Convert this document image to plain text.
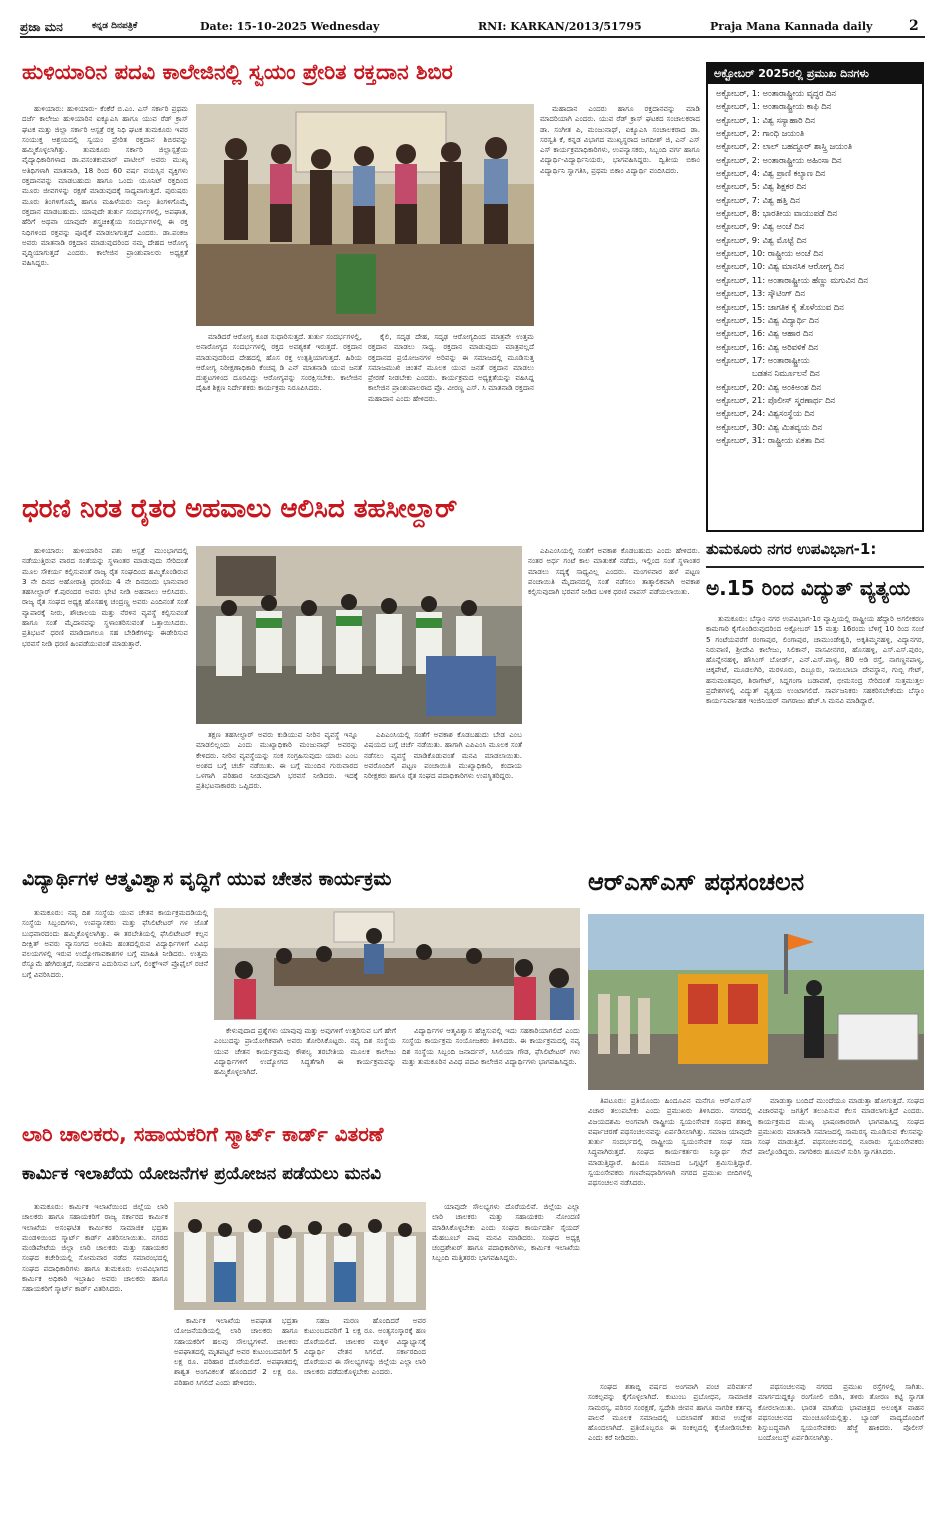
ಪ್ರಜಾ ಮನ	ಕನ್ನಡ ದಿನಪತ್ರಿಕೆ	Date: 15-10-2025 Wednesday	RNI: KARKAN/2013/51795	Praja Mana Kannada daily	2
ಹುಳಿಯಾರಿನ ಪದವಿ ಕಾಲೇಜಿನಲ್ಲಿ ಸ್ವಯಂ ಪ್ರೇರಿತ ರಕ್ತದಾನ ಶಿಬಿರ

ಹುಳಿಯಾರು: ಹುಳಿಯಾರು- ಕೆಂಕೆರೆ ಬಿ.ಎಂ. ಎಸ್ ಸರ್ಕಾರಿ ಪ್ರಥಮ ದರ್ಜೆ ಕಾಲೇಜು ಹುಳಿಯಾರಿನ ಐಕ್ಯೂಎಸಿ ಹಾಗೂ ಯುವ ರೆಡ್ ಕ್ರಾಸ್ ಘಟಕ ಮತ್ತು ಜಿಲ್ಲಾ ಸರ್ಕಾರಿ ಆಸ್ಪತ್ರೆ ರಕ್ತ ನಿಧಿ ಘಟಕ ತುಮಕೂರು ಇವರ ಸಂಯುಕ್ತ ಆಶ್ರಯದಲ್ಲಿ ಸ್ವಯಂ ಪ್ರೇರಿತ ರಕ್ತದಾನ ಶಿಬಿರವನ್ನು ಹಮ್ಮಿಕೊಳ್ಳಲಾಗಿತ್ತು. ತುಮಕೂರು ಸರ್ಕಾರಿ ಜಿಲ್ಲಾಸ್ಪತ್ರೆಯ ವೈದ್ಯಾಧಿಕಾರಿಗಳಾದ ಡಾ.ವಸಂತಕುಮಾರ್ ಪಾಟೀಲ್ ಅವರು ಮುಖ್ಯ ಅತಿಥಿಗಳಾಗಿ ಮಾತನಾಡಿ, 18 ರಿಂದ 60 ವರ್ಷ ವಯಸ್ಸಿನ ವ್ಯಕ್ತಿಗಳು ರಕ್ತದಾನವನ್ನು ಮಾಡಬಹುದು ಹಾಗೂ ಒಂದು ಯೂನಿಟ್ ರಕ್ತದಿಂದ ಮೂರು ಜೀವಗಳನ್ನು ರಕ್ಷಣೆ ಮಾಡುವುದಕ್ಕೆ ಸಾಧ್ಯವಾಗುತ್ತದೆ. ಪುರುಷರು ಮೂರು ತಿಂಗಳಿಗೊಮ್ಮೆ ಹಾಗೂ ಮಹಿಳೆಯರು ನಾಲ್ಕು ತಿಂಗಳಿಗೊಮ್ಮೆ ರಕ್ತದಾನ ಮಾಡಬಹುದು. ಯಾವುದೇ ತುರ್ತು ಸಂದರ್ಭಗಳಲ್ಲಿ, ಅಪಘಾತ, ಹೆರಿಗೆ ಅಥವಾ ಯಾವುದೇ ಶಸ್ತ್ರಚಿಕಿತ್ಸೆಯ ಸಂದರ್ಭಗಳಲ್ಲಿ ಈ ರಕ್ತ ನಿಧಿಗಳಿಂದ ರಕ್ತವನ್ನು ಪೂರೈಕೆ ಮಾಡಲಾಗುತ್ತದೆ ಎಂದರು. ಡಾ.ಪಂಕಜ ಅವರು ಮಾತನಾಡಿ ರಕ್ತದಾನ ಮಾಡುವುದರಿಂದ ನಮ್ಮ ದೇಹದ ಆರೋಗ್ಯ ವೃದ್ಧಿಯಾಗುತ್ತದೆ ಎಂದರು. ಕಾಲೇಜಿನ ಪ್ರಾಂಶುಪಾಲರು ಅಧ್ಯಕ್ಷತೆ ವಹಿಸಿದ್ದರು.

ಮಾಡಿದರೆ ಆರೋಗ್ಯ ಕೂಡ ಸುಧಾರಿಸುತ್ತದೆ. ತುರ್ತು ಸಂದರ್ಭಗಳಲ್ಲಿ, ಅನಾರೋಗ್ಯದ ಸಂದರ್ಭಗಳಲ್ಲಿ ರಕ್ತದ ಅವಶ್ಯಕತೆ ಇರುತ್ತದೆ. ರಕ್ತದಾನ ಮಾಡುವುದರಿಂದ ದೇಹದಲ್ಲಿ ಹೊಸ ರಕ್ತ ಉತ್ಪತ್ತಿಯಾಗುತ್ತದೆ. ಹಿರಿಯ ಆರೋಗ್ಯ ನಿರೀಕ್ಷಣಾಧಿಕಾರಿ ಕೆಂಚಪ್ಪ ಡಿ ಎನ್ ಮಾತನಾಡಿ ಯುವ ಜನತೆ ದುಶ್ಚಟಗಳಿಂದ ದೂರವಿದ್ದು ಆರೋಗ್ಯವನ್ನು ಸಂರಕ್ಷಿಸಬೇಕು. ಕಾಲೇಜಿನ ದೈಹಿಕ ಶಿಕ್ಷಣ ನಿರ್ದೇಶಕರು ಕಾರ್ಯಕ್ರಮ ನಿರೂಪಿಸಿದರು.

ಕೈಲಿ, ಸದೃಢ ದೇಹ, ಸದೃಢ ಆರೋಗ್ಯದಿಂದ ಮಾತ್ರವೇ ಉತ್ತಮ ರಕ್ತದಾನ ಮಾಡಲು ಸಾಧ್ಯ. ರಕ್ತದಾನ ಮಾಡುವುದು ಮಾತ್ರವಲ್ಲದೆ ರಕ್ತದಾನದ ಪ್ರಯೋಜನಗಳ ಅರಿವನ್ನು ಈ ಸಮಾಜದಲ್ಲಿ ಮೂಡಿಸುತ್ತ ಸಮಾಜಮುಖಿ ಚಿಂತನೆ ಮೂಲಕ ಯುವ ಜನತೆ ರಕ್ತದಾನ ಮಾಡಲು ಪ್ರೇರಣೆ ನೀಡಬೇಕು ಎಂದರು. ಕಾರ್ಯಕ್ರಮದ ಅಧ್ಯಕ್ಷತೆಯನ್ನು ವಹಿಸಿದ್ದ ಕಾಲೇಜಿನ ಪ್ರಾಂಶುಪಾಲರಾದ ಪ್ರೊ. ವೀರಣ್ಣ ಎಸ್. ಸಿ ಮಾತನಾಡಿ ರಕ್ತದಾನ ಮಹಾದಾನ ಎಂದು ಹೇಳಿದರು.

ಮಹಾದಾನ ಎಂದರು ಹಾಗೂ ರಕ್ತದಾನವನ್ನು ಮಾಡಿ ಮಾದರಿಯಾಗಿ ಎಂದರು. ಯುವ ರೆಡ್ ಕ್ರಾಸ್ ಘಟಕದ ಸಂಚಾಲಕರಾದ ಡಾ. ಸಂಗೀತ ಪಿ, ಮಂಜುನಾಥ್, ಐಕ್ಯೂಎಸಿ ಸಂಚಾಲಕರಾದ ಡಾ. ಸರಸ್ವತಿ ಕೆ, ಕನ್ನಡ ವಿಭಾಗದ ಮುಖ್ಯಸ್ಥರಾದ ಜಗದೀಶ್ ಜಿ, ಎನ್ ಎಸ್ ಎಸ್ ಕಾರ್ಯಕ್ರಮಾಧಿಕಾರಿಗಳು, ಉಪನ್ಯಾಸಕರು, ಸಿಬ್ಬಂದಿ ವರ್ಗ ಹಾಗೂ ವಿದ್ಯಾರ್ಥಿ-ವಿದ್ಯಾರ್ಥಿನಿಯರು, ಭಾಗವಹಿಸಿದ್ದರು. ದ್ವಿತೀಯ ಬಿಕಾಂ ವಿದ್ಯಾರ್ಥಿನಿ ಸ್ವಾಗತಿಸಿ, ಪ್ರಥಮ ಬಿಕಾಂ ವಿದ್ಯಾರ್ಥಿ ವಂದಿಸಿದರು.

ಅಕ್ಟೋಬರ್ 2025ರಲ್ಲಿ ಪ್ರಮುಖ ದಿನಗಳು
ಅಕ್ಟೋಬರ್, 1: ಅಂತಾರಾಷ್ಟ್ರೀಯ ವೃದ್ಧರ ದಿನ
ಅಕ್ಟೋಬರ್, 1: ಅಂತಾರಾಷ್ಟ್ರೀಯ ಕಾಫಿ ದಿನ
ಅಕ್ಟೋಬರ್, 1: ವಿಶ್ವ ಸಸ್ಯಾಹಾರಿ ದಿನ
ಅಕ್ಟೋಬರ್, 2: ಗಾಂಧಿ ಜಯಂತಿ
ಅಕ್ಟೋಬರ್, 2: ಲಾಲ್ ಬಹದ್ದೂರ್ ಶಾಸ್ತ್ರಿ ಜಯಂತಿ
ಅಕ್ಟೋಬರ್, 2: ಅಂತಾರಾಷ್ಟ್ರೀಯ ಅಹಿಂಸಾ ದಿನ
ಅಕ್ಟೋಬರ್, 4: ವಿಶ್ವ ಪ್ರಾಣಿ ಕಲ್ಯಾಣ ದಿನ
ಅಕ್ಟೋಬರ್, 5: ವಿಶ್ವ ಶಿಕ್ಷಕರ ದಿನ
ಅಕ್ಟೋಬರ್, 7: ವಿಶ್ವ ಹತ್ತಿ ದಿನ
ಅಕ್ಟೋಬರ್, 8: ಭಾರತೀಯ ವಾಯುಪಡೆ ದಿನ
ಅಕ್ಟೋಬರ್, 9: ವಿಶ್ವ ಅಂಚೆ ದಿನ
ಅಕ್ಟೋಬರ್, 9: ವಿಶ್ವ ಮೊಟ್ಟೆ ದಿನ
ಅಕ್ಟೋಬರ್, 10: ರಾಷ್ಟ್ರೀಯ ಅಂಚೆ ದಿನ
ಅಕ್ಟೋಬರ್, 10: ವಿಶ್ವ ಮಾನಸಿಕ ಆರೋಗ್ಯ ದಿನ
ಅಕ್ಟೋಬರ್, 11: ಅಂತಾರಾಷ್ಟ್ರೀಯ ಹೆಣ್ಣು ಮಗುವಿನ ದಿನ
ಅಕ್ಟೋಬರ್, 13: ಸ್ಕೌಟಿಂಗ್ ದಿನ
ಅಕ್ಟೋಬರ್, 15: ಜಾಗತಿಕ ಕೈ ತೊಳೆಯುವ ದಿನ
ಅಕ್ಟೋಬರ್, 15: ವಿಶ್ವ ವಿದ್ಯಾರ್ಥಿ ದಿನ
ಅಕ್ಟೋಬರ್, 16: ವಿಶ್ವ ಆಹಾರ ದಿನ
ಅಕ್ಟೋಬರ್, 16: ವಿಶ್ವ ಅರಿವಳಿಕೆ ದಿನ
ಅಕ್ಟೋಬರ್, 17: ಅಂತಾರಾಷ್ಟ್ರೀಯ
ಬಡತನ ನಿರ್ಮೂಲನೆ ದಿನ
ಅಕ್ಟೋಬರ್, 20: ವಿಶ್ವ ಅಂಕಿಅಂಶ ದಿನ
ಅಕ್ಟೋಬರ್, 21: ಪೊಲೀಸ್ ಸ್ಮರಣಾರ್ಥ ದಿನ
ಅಕ್ಟೋಬರ್, 24: ವಿಶ್ವಸಂಸ್ಥೆಯ ದಿನ
ಅಕ್ಟೋಬರ್, 30: ವಿಶ್ವ ಮಿತವ್ಯಯ ದಿನ
ಅಕ್ಟೋಬರ್, 31: ರಾಷ್ಟ್ರೀಯ ಏಕತಾ ದಿನ
ಧರಣಿ ನಿರತ ರೈತರ ಅಹವಾಲು ಆಲಿಸಿದ ತಹಸೀಲ್ದಾರ್

ಹುಳಿಯಾರು: ಹುಳಿಯಾರಿನ ಪಶು ಆಸ್ಪತ್ರೆ ಮುಂಭಾಗದಲ್ಲಿ ನಡೆಯುತ್ತಿರುವ ವಾರದ ಸಂತೆಯನ್ನು ಸ್ಥಳಾಂತರ ಮಾಡುವುದು ಸೇರಿದಂತೆ ಮೂಲ ಸೌಕರ್ಯ ಕಲ್ಪಿಸುವಂತೆ ರಾಜ್ಯ ರೈತ ಸಂಘದಿಂದ ಹಮ್ಮಿಕೊಂಡಿರುವ 3 ನೇ ದಿನದ ಅಹೋರಾತ್ರಿ ಧರಣಿಯ 4 ನೇ ದಿನದಂದು ಭಾನುವಾರ ತಹಸೀಲ್ದಾರ್ ಕೆ.ಪುರಂದರ ಅವರು ಭೇಟಿ ನೀಡಿ ಅಹವಾಲು ಆಲಿಸಿದರು. ರಾಜ್ಯ ರೈತ ಸಂಘದ ಅಧ್ಯಕ್ಷ ಹೊಸಹಳ್ಳಿ ಚಂದ್ರಣ್ಣ ಅವರು ಎಂದಿನಂತೆ ಸಂತೆ ವ್ಯಾಪಾರಕ್ಕೆ ನೀರು, ಶೌಚಾಲಯ ಮತ್ತು ನೆರಳಿನ ವ್ಯವಸ್ಥೆ ಕಲ್ಪಿಸುವಂತೆ ಹಾಗೂ ಸಂತೆ ಮೈದಾನವನ್ನು ಸ್ಥಳಾಂತರಿಸುವಂತೆ ಒತ್ತಾಯಿಸಿದರು. ಪ್ರತಿಭಟನೆ ಧರಣಿ ಮಾಡಿದಾಗಲೂ ಸಹ ಬೇಡಿಕೆಗಳನ್ನು ಈಡೇರಿಸುವ ಭರವಸೆ ನೀಡಿ ಧರಣಿ ಹಿಂಪಡೆಯುವಂತೆ ಮಾಡುತ್ತಾರೆ.

ತಕ್ಷಣ ತಹಸೀಲ್ದಾರ್ ಅವರು ಕುಡಿಯುವ ನೀರಿನ ವ್ಯವಸ್ಥೆ ಇನ್ನೂ ಮಾಡಲಿಲ್ಲಂದು ಎಂದು ಮುಖ್ಯಾಧಿಕಾರಿ ಮಂಜುನಾಥ್ ಅವರನ್ನು ಕೇಳಿದರು. ನೀರಿನ ವ್ಯವಸ್ಥೆಯನ್ನು ಸಂಕ ಸಂಗ್ರಹಿಸುವುದು ಯಾರು ಎಂಬ ಅಂಶದ ಬಗ್ಗೆ ಚರ್ಚೆ ನಡೆಯಿತು. ಈ ಬಗ್ಗೆ ಮುಂದಿನ ಗುರುವಾರದ ಒಳಗಾಗಿ ಪರಿಹಾರ ನೀಡುವುದಾಗಿ ಭರವಸೆ ನೀಡಿದರು. ಇದಕ್ಕೆ ಪ್ರತಿಭಟನಾಕಾರರು ಒಪ್ಪಿದರು.

ಎಪಿಎಂಸಿಯಲ್ಲಿ ಸಂತೆಗೆ ಅವಕಾಶ ಕೊಡಬಹುದು ಬೇಡ ಎಂಬ ವಿಷಯದ ಬಗ್ಗೆ ಚರ್ಚೆ ನಡೆಯಿತು. ಹಾಗಾಗಿ ಎಪಿಎಂಸಿ ಮೂಲಕ ಸಂತೆ ನಡೆಸಲು ವ್ಯವಸ್ಥೆ ಮಾಡಿಕೊಡುವಂತೆ ಮನವಿ ಮಾಡಲಾಯಿತು. ಅವರೊಂದಿಗೆ ಪಟ್ಟಣ ಪಂಚಾಯಿತಿ ಮುಖ್ಯಾಧಿಕಾರಿ, ಕಂದಾಯ ನಿರೀಕ್ಷಕರು ಹಾಗೂ ರೈತ ಸಂಘದ ಪದಾಧಿಕಾರಿಗಳು ಉಪಸ್ಥಿತರಿದ್ದರು.

ಎಪಿಎಂಸಿಯಲ್ಲಿ ಸಂತೆಗೆ ಅವಕಾಶ ಕೊಡಬಹುದು ಎಂದು ಹೇಳಿದರು. ನಂತರ ಅರ್ಧ ಗಂಟೆ ಕಾಲ ಮಾತುಕತೆ ನಡೆದು, ಇಲ್ಲಿಂದ ಸಂತೆ ಸ್ಥಳಾಂತರ ಮಾಡಲು ಸದ್ಯಕ್ಕೆ ಸಾಧ್ಯವಿಲ್ಲ ಎಂದರು. ಮಂಗಳವಾರ ಹಳೆ ಪಟ್ಟಣ ಪಂಚಾಯಿತಿ ಮೈದಾನದಲ್ಲಿ ಸಂತೆ ನಡೆಸಲು ತಾತ್ಕಾಲಿಕವಾಗಿ ಅವಕಾಶ ಕಲ್ಪಿಸುವುದಾಗಿ ಭರವಸೆ ನೀಡಿದ ಬಳಿಕ ಧರಣಿ ವಾಪಸ್ ಪಡೆಯಲಾಯಿತು.

ತುಮಕೂರು ನಗರ ಉಪವಿಭಾಗ-1:
ಅ.15 ರಿಂದ ವಿದ್ಯುತ್ ವ್ಯತ್ಯಯ

ತುಮಕೂರು: ಬೆಸ್ಕಾಂ ನಗರ ಉಪವಿಭಾಗ-1ರ ವ್ಯಾಪ್ತಿಯಲ್ಲಿ ರಾಷ್ಟ್ರೀಯ ಹೆದ್ದಾರಿ ಅಗಲೀಕರಣ ಕಾಮಗಾರಿ ಕೈಗೊಂಡಿರುವುದರಿಂದ ಅಕ್ಟೋಬರ್ 15 ಮತ್ತು 16ರಂದು ಬೆಳಿಗ್ಗೆ 10 ರಿಂದ ಸಂಜೆ 5 ಗಂಟೆಯವರೆಗೆ ರಂಗಾಪುರ, ಲಿಂಗಾಪುರ, ಚಾಮುಂಡೇಶ್ವರಿ, ಅಕ್ಕತಿಮ್ಮನಹಳ್ಳಿ, ವಿದ್ಯಾನಗರ, ನಿರುವಾಣಿ, ಶ್ರೀದೇವಿ ಕಾಲೇಜು, ಸಿಲಿಕಾನ್, ವಾಸವೀನಗರ, ಹೊಸಹಳ್ಳಿ, ಎಸ್.ಎಸ್.ಪುರಂ, ಹೊನ್ನೇನಹಳ್ಳಿ, ಹೌಸಿಂಗ್ ಬೋರ್ಡ್, ಎನ್.ಎಸ್.ಪಾಳ್ಯ, 80 ಅಡಿ ರಸ್ತೆ, ನಾಗಣ್ಣನಪಾಳ್ಯ, ಚಿಕ್ಕಪೇಟೆ, ಮೂಡಲಗಿರಿ, ಮರಳೂರು, ದಿಬ್ಬೂರು, ಸಾಯಿಬಾಬಾ ದೇವಸ್ಥಾನ, ಗುಬ್ಬಿ ಗೇಟ್, ಹನುಮಂತಪುರ, ಶಿರಾಗೇಟ್, ಸಿದ್ದಗಂಗಾ ಬಡಾವಣೆ, ಭೀಮಸಂದ್ರ ಸೇರಿದಂತೆ ಸುತ್ತಮುತ್ತಲ ಪ್ರದೇಶಗಳಲ್ಲಿ ವಿದ್ಯುತ್ ವ್ಯತ್ಯಯ ಉಂಟಾಗಲಿದೆ. ಸಾರ್ವಜನಿಕರು ಸಹಕರಿಸಬೇಕೆಂದು ಬೆಸ್ಕಾಂ ಕಾರ್ಯನಿರ್ವಾಹಕ ಇಂಜಿನಿಯರ್ ನಾಗರಾಜು ಹೆಚ್.ಸಿ ಮನವಿ ಮಾಡಿದ್ದಾರೆ.

ವಿದ್ಯಾರ್ಥಿಗಳ ಆತ್ಮವಿಶ್ವಾಸ ವೃದ್ಧಿಗೆ ಯುವ ಚೇತನ ಕಾರ್ಯಕ್ರಮ

ತುಮಕೂರು: ನವ್ಯ ದಿಶ ಸಂಸ್ಥೆಯ ಯುವ ಚೇತನ ಕಾರ್ಯಕ್ರಮದಡಿಯಲ್ಲಿ ಸಂಸ್ಥೆಯ ಸಿಬ್ಬಂದಿಗಳು, ಉಪನ್ಯಾಸಕರು ಮತ್ತು ಫೆಸಿಲಿಟೇಟರ್ ಗಳ ಜೊತೆ ಬುಧವಾರದಂದು ಹಮ್ಮಿಕೊಳ್ಳಲಾಗಿತ್ತು. ಈ ತರಬೇತಿಯಲ್ಲಿ ಫೆಸಿಲಿಟೇಟರ್ ಕಲ್ಪನ ದೀಕ್ಷಿತ್ ಅವರು ವ್ಯಾಸಂಗದ ಅಂತಿಮ ಹಂತದಲ್ಲಿರುವ ವಿದ್ಯಾರ್ಥಿಗಳಿಗೆ ವಿವಿಧ ವಲಯಗಳಲ್ಲಿ ಇರುವ ಉದ್ಯೋಗಾವಕಾಶಗಳ ಬಗ್ಗೆ ಮಾಹಿತಿ ನೀಡಿದರು. ಉತ್ತಮ ರೆಸ್ಯೂಮೆ ಹೇಗಿರುತ್ತದೆ, ಸಂದರ್ಶನ ಎದುರಿಸುವ ಬಗೆ, ಲಿಂಕ್ಡ್ಇನ್ ಪ್ರೊಫೈಲ್ ರಚನೆ ಬಗ್ಗೆ ವಿವರಿಸಿದರು.

ಕೇಳುವುದಾದ ಪ್ರಶ್ನೆಗಳು ಯಾವುವು ಮತ್ತು ಅವುಗಳಿಗೆ ಉತ್ತರಿಸುವ ಬಗೆ ಹೇಗೆ ಎಂಬುದನ್ನು ಪ್ರಾಯೋಗಿಕವಾಗಿ ಅವರು ತೋರಿಸಿಕೊಟ್ಟರು. ನವ್ಯ ದಿಶ ಸಂಸ್ಥೆಯ ಯುವ ಚೇತನ ಕಾರ್ಯಕ್ರಮವು ಕೌಶಲ್ಯ ತರಬೇತಿಯ ಮೂಲಕ ಕಾಲೇಜು ವಿದ್ಯಾರ್ಥಿಗಳಿಗೆ ಉದ್ಯೋಗದ ಸಿದ್ಧತೆಗಾಗಿ ಈ ಕಾರ್ಯಕ್ರಮವನ್ನು ಹಮ್ಮಿಕೊಳ್ಳಲಾಗಿದೆ.

ವಿದ್ಯಾರ್ಥಿಗಳ ಆತ್ಮವಿಶ್ವಾಸ ಹೆಚ್ಚಿಸುವಲ್ಲಿ ಇದು ಸಹಕಾರಿಯಾಗಲಿದೆ ಎಂದು ಸಂಸ್ಥೆಯ ಕಾರ್ಯಕ್ರಮ ಸಂಯೋಜಕರು ತಿಳಿಸಿದರು. ಈ ಕಾರ್ಯಕ್ರಮದಲ್ಲಿ ನವ್ಯ ದಿಶ ಸಂಸ್ಥೆಯ ಸಿಬ್ಬಂದಿ ಜನಾರ್ದನ್, ಸಿಸಿಲಿಯಾ ಗೌಡ, ಫೆಸಿಲಿಟೇಟರ್ ಗಳು ಮತ್ತು ತುಮಕೂರಿನ ವಿವಿಧ ಪದವಿ ಕಾಲೇಜಿನ ವಿದ್ಯಾರ್ಥಿಗಳು ಭಾಗವಹಿಸಿದ್ದರು.

ಆರ್‌ಎಸ್‌ಎಸ್ ಪಥಸಂಚಲನ

ತಿಪಟೂರು: ಪ್ರತಿಯೊಂದು ಹಿಂದೂವಿನ ಮನೆಗೂ ಆರ್‌ಎಸ್‌ಎಸ್ ವಿಚಾರ ತಲುಪಬೇಕು ಎಂದು ಪ್ರಮುಖರು ತಿಳಿಸಿದರು. ನಗರದಲ್ಲಿ ವಿಜಯದಶಮಿ ಅಂಗವಾಗಿ ರಾಷ್ಟ್ರೀಯ ಸ್ವಯಂಸೇವಕ ಸಂಘದ ಶತಾಬ್ದಿ ವರ್ಷಾಚರಣೆ ಪಥಸಂಚಲನವನ್ನು ಏರ್ಪಡಿಸಲಾಗಿತ್ತು. ಸಮಾಜ ಯಾವುದೇ ತುರ್ತು ಸಂದರ್ಭದಲ್ಲಿ ರಾಷ್ಟ್ರೀಯ ಸ್ವಯಂಸೇವಕ ಸಂಘ ಸದಾ ಸಿದ್ಧವಾಗಿರುತ್ತದೆ. ಸಂಘದ ಕಾರ್ಯಕರ್ತರು ನಿಸ್ವಾರ್ಥ ಸೇವೆ ಮಾಡುತ್ತಿದ್ದಾರೆ. ಹಿಂದೂ ಸಮಾಜದ ಒಗ್ಗಟ್ಟಿಗೆ ಶ್ರಮಿಸುತ್ತಿದ್ದಾರೆ. ಸ್ವಯಂಸೇವಕರು ಗಣವೇಷಧಾರಿಗಳಾಗಿ ನಗರದ ಪ್ರಮುಖ ಬೀದಿಗಳಲ್ಲಿ ಪಥಸಂಚಲನ ನಡೆಸಿದರು.

ಮಾಡುತ್ತಾ ಬಂದಿದೆ ಮುಂದೆಯೂ ಮಾಡುತ್ತಾ ಹೋಗುತ್ತದೆ. ಸಂಘದ ವಿಚಾರವನ್ನು ಜಗತ್ತಿಗೆ ತಲುಪಿಸುವ ಕೆಲಸ ಮಾಡಲಾಗುತ್ತಿದೆ ಎಂದರು. ಕಾರ್ಯಕ್ರಮದ ಮುಖ್ಯ ಭಾಷಣಕಾರರಾಗಿ ಭಾಗವಹಿಸಿದ್ದ ಸಂಘದ ಪ್ರಮುಖರು ಮಾತನಾಡಿ ಸಮಾಜದಲ್ಲಿ ಸಾಮರಸ್ಯ ಮೂಡಿಸುವ ಕೆಲಸವನ್ನು ಸಂಘ ಮಾಡುತ್ತಿದೆ. ಪಥಸಂಚಲನದಲ್ಲಿ ನೂರಾರು ಸ್ವಯಂಸೇವಕರು ಪಾಲ್ಗೊಂಡಿದ್ದರು. ನಾಗರಿಕರು ಹೂಮಳೆ ಸುರಿಸಿ ಸ್ವಾಗತಿಸಿದರು.

ಲಾರಿ ಚಾಲಕರು, ಸಹಾಯಕರಿಗೆ ಸ್ಮಾರ್ಟ್ ಕಾರ್ಡ್ ವಿತರಣೆ
ಕಾರ್ಮಿಕ ಇಲಾಖೆಯ ಯೋಜನೆಗಳ ಪ್ರಯೋಜನ ಪಡೆಯಲು ಮನವಿ

ತುಮಕೂರು: ಕಾರ್ಮಿಕ ಇಲಾಖೆಯಿಂದ ಜಿಲ್ಲೆಯ ಲಾರಿ ಚಾಲಕರು ಹಾಗೂ ಸಹಾಯಕರಿಗೆ ರಾಜ್ಯ ಸರ್ಕಾರದ ಕಾರ್ಮಿಕ ಇಲಾಖೆಯ ಅಸಂಘಟಿತ ಕಾರ್ಮಿಕರ ಸಾಮಾಜಿಕ ಭದ್ರತಾ ಮಂಡಳಿಯಿಂದ ಸ್ಮಾರ್ಟ್ ಕಾರ್ಡ್ ವಿತರಿಸಲಾಯಿತು. ನಗರದ ಮಂಡಿಪೇಟೆಯ ಜಿಲ್ಲಾ ಲಾರಿ ಚಾಲಕರು ಮತ್ತು ಸಹಾಯಕರ ಸಂಘದ ಕಚೇರಿಯಲ್ಲಿ ಸೋಮವಾರ ನಡೆದ ಸಮಾರಂಭದಲ್ಲಿ ಸಂಘದ ಪದಾಧಿಕಾರಿಗಳು ಹಾಗೂ ತುಮಕೂರು ಉಪವಿಭಾಗದ ಕಾರ್ಮಿಕ ಅಧಿಕಾರಿ ಇಬ್ರಾಹಿಂ ಅವರು ಚಾಲಕರು ಹಾಗೂ ಸಹಾಯಕರಿಗೆ ಸ್ಮಾರ್ಟ್ ಕಾರ್ಡ್ ವಿತರಿಸಿದರು.

ಕಾರ್ಮಿಕ ಇಲಾಖೆಯ ಅಪಘಾತ ಭದ್ರತಾ ಯೋಜನೆಯಡಿಯಲ್ಲಿ ಲಾರಿ ಚಾಲಕರು ಹಾಗೂ ಸಹಾಯಕರಿಗೆ ಹಲವು ಸೌಲಭ್ಯಗಳಿವೆ. ಚಾಲಕರು ಅಪಘಾತದಲ್ಲಿ ಮೃತಪಟ್ಟರೆ ಅವರ ಕುಟುಂಬದವರಿಗೆ 5 ಲಕ್ಷ ರೂ. ಪರಿಹಾರ ದೊರೆಯಲಿದೆ. ಅಪಘಾತದಲ್ಲಿ ಶಾಶ್ವತ ಅಂಗವಿಕಲತೆ ಹೊಂದಿದರೆ 2 ಲಕ್ಷ ರೂ. ಪರಿಹಾರ ಸಿಗಲಿದೆ ಎಂದು ಹೇಳಿದರು.

ಸಹಜ ಮರಣ ಹೊಂದಿದರೆ ಅವರ ಕುಟುಂಬದವರಿಗೆ 1 ಲಕ್ಷ ರೂ. ಅಂತ್ಯಸಂಸ್ಕಾರಕ್ಕೆ ಹಣ ದೊರೆಯಲಿದೆ. ಚಾಲಕರ ಮಕ್ಕಳ ವಿದ್ಯಾಭ್ಯಾಸಕ್ಕೆ ವಿದ್ಯಾರ್ಥಿ ವೇತನ ಸಿಗಲಿದೆ. ಸರ್ಕಾರದಿಂದ ದೊರೆಯುವ ಈ ಸೌಲಭ್ಯಗಳನ್ನು ಜಿಲ್ಲೆಯ ಎಲ್ಲಾ ಲಾರಿ ಚಾಲಕರು ಪಡೆದುಕೊಳ್ಳಬೇಕು ಎಂದರು.

ಯಾವುದೇ ಸೌಲಭ್ಯಗಳು ದೊರೆಯಲಿವೆ. ಜಿಲ್ಲೆಯ ಎಲ್ಲಾ ಲಾರಿ ಚಾಲಕರು ಮತ್ತು ಸಹಾಯಕರು ನೋಂದಣಿ ಮಾಡಿಸಿಕೊಳ್ಳಬೇಕು ಎಂದು ಸಂಘದ ಕಾರ್ಯದರ್ಶಿ ಸೈಯದ್ ಮೆಹಬೂಬ್ ಪಾಷ ಮನವಿ ಮಾಡಿದರು. ಸಂಘದ ಅಧ್ಯಕ್ಷ ಚಂದ್ರಶೇಖರ್ ಹಾಗೂ ಪದಾಧಿಕಾರಿಗಳು, ಕಾರ್ಮಿಕ ಇಲಾಖೆಯ ಸಿಬ್ಬಂದಿ ಮತ್ತಿತರರು ಭಾಗವಹಿಸಿದ್ದರು.

ಸಂಘದ ಶತಾಬ್ದಿ ವರ್ಷದ ಅಂಗವಾಗಿ ಪಂಚ ಪರಿವರ್ತನೆ ಸಂಕಲ್ಪವನ್ನು ಕೈಗೊಳ್ಳಲಾಗಿದೆ. ಕುಟುಂಬ ಪ್ರಬೋಧನ, ಸಾಮಾಜಿಕ ಸಾಮರಸ್ಯ, ಪರಿಸರ ಸಂರಕ್ಷಣೆ, ಸ್ವದೇಶಿ ಜೀವನ ಹಾಗೂ ನಾಗರಿಕ ಕರ್ತವ್ಯ ಪಾಲನೆ ಮೂಲಕ ಸಮಾಜದಲ್ಲಿ ಬದಲಾವಣೆ ತರುವ ಉದ್ದೇಶ ಹೊಂದಲಾಗಿದೆ. ಪ್ರತಿಯೊಬ್ಬರೂ ಈ ಸಂಕಲ್ಪದಲ್ಲಿ ಕೈಜೋಡಿಸಬೇಕು ಎಂದು ಕರೆ ನೀಡಿದರು.

ಪಥಸಂಚಲನವು ನಗರದ ಪ್ರಮುಖ ರಸ್ತೆಗಳಲ್ಲಿ ಸಾಗಿತು. ಮಾರ್ಗದುದ್ದಕ್ಕೂ ರಂಗೋಲಿ ಬಿಡಿಸಿ, ತಳಿರು ತೋರಣ ಕಟ್ಟಿ ಸ್ವಾಗತ ಕೋರಲಾಯಿತು. ಭಾರತ ಮಾತೆಯ ಭಾವಚಿತ್ರದ ಅಲಂಕೃತ ವಾಹನ ಪಥಸಂಚಲನದ ಮುಂಚೂಣಿಯಲ್ಲಿತ್ತು. ಬ್ಯಾಂಡ್ ವಾದ್ಯದೊಂದಿಗೆ ಶಿಸ್ತುಬದ್ಧವಾಗಿ ಸ್ವಯಂಸೇವಕರು ಹೆಜ್ಜೆ ಹಾಕಿದರು. ಪೊಲೀಸ್ ಬಂದೋಬಸ್ತ್ ಏರ್ಪಡಿಸಲಾಗಿತ್ತು.
